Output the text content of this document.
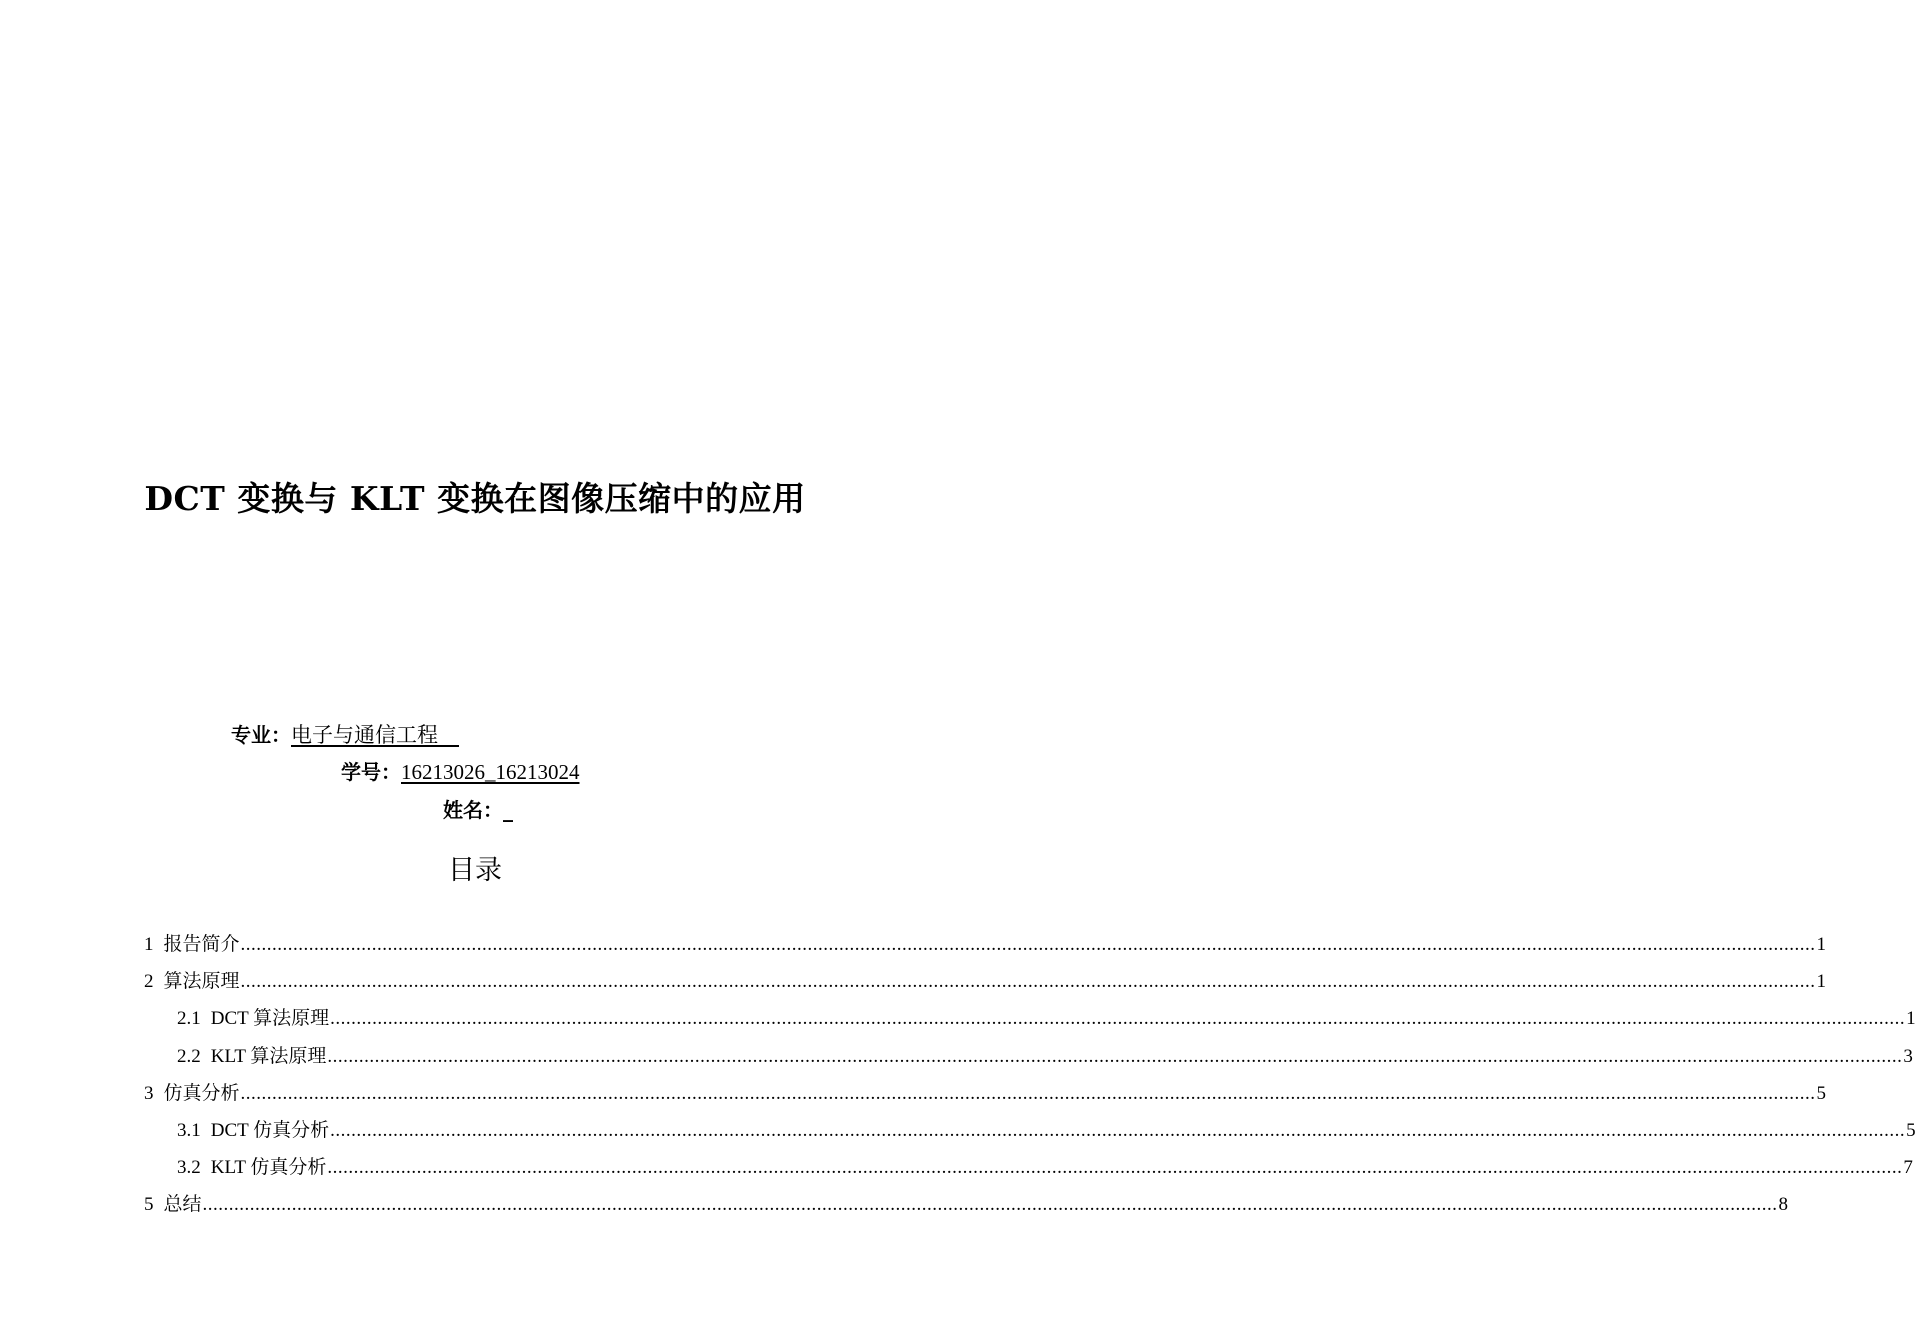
DCT 变换与 KLT 变换在图像压缩中的应用
专业：电子与通信工程　
学号：16213026_16213024
姓名：_
目录
1 报告简介 ............................................................................................................................................................................................................................................................................................................ 1
2 算法原理 ............................................................................................................................................................................................................................................................................................................ 1
2.1 DCT 算法原理 ............................................................................................................................................................................................................................................................................................................ 1
2.2 KLT 算法原理 ............................................................................................................................................................................................................................................................................................................ 3
3 仿真分析 ............................................................................................................................................................................................................................................................................................................ 5
3.1 DCT 仿真分析 ............................................................................................................................................................................................................................................................................................................ 5
3.2 KLT 仿真分析 ............................................................................................................................................................................................................................................................................................................ 7
5 总结 ............................................................................................................................................................................................................................................................................................................ 8
